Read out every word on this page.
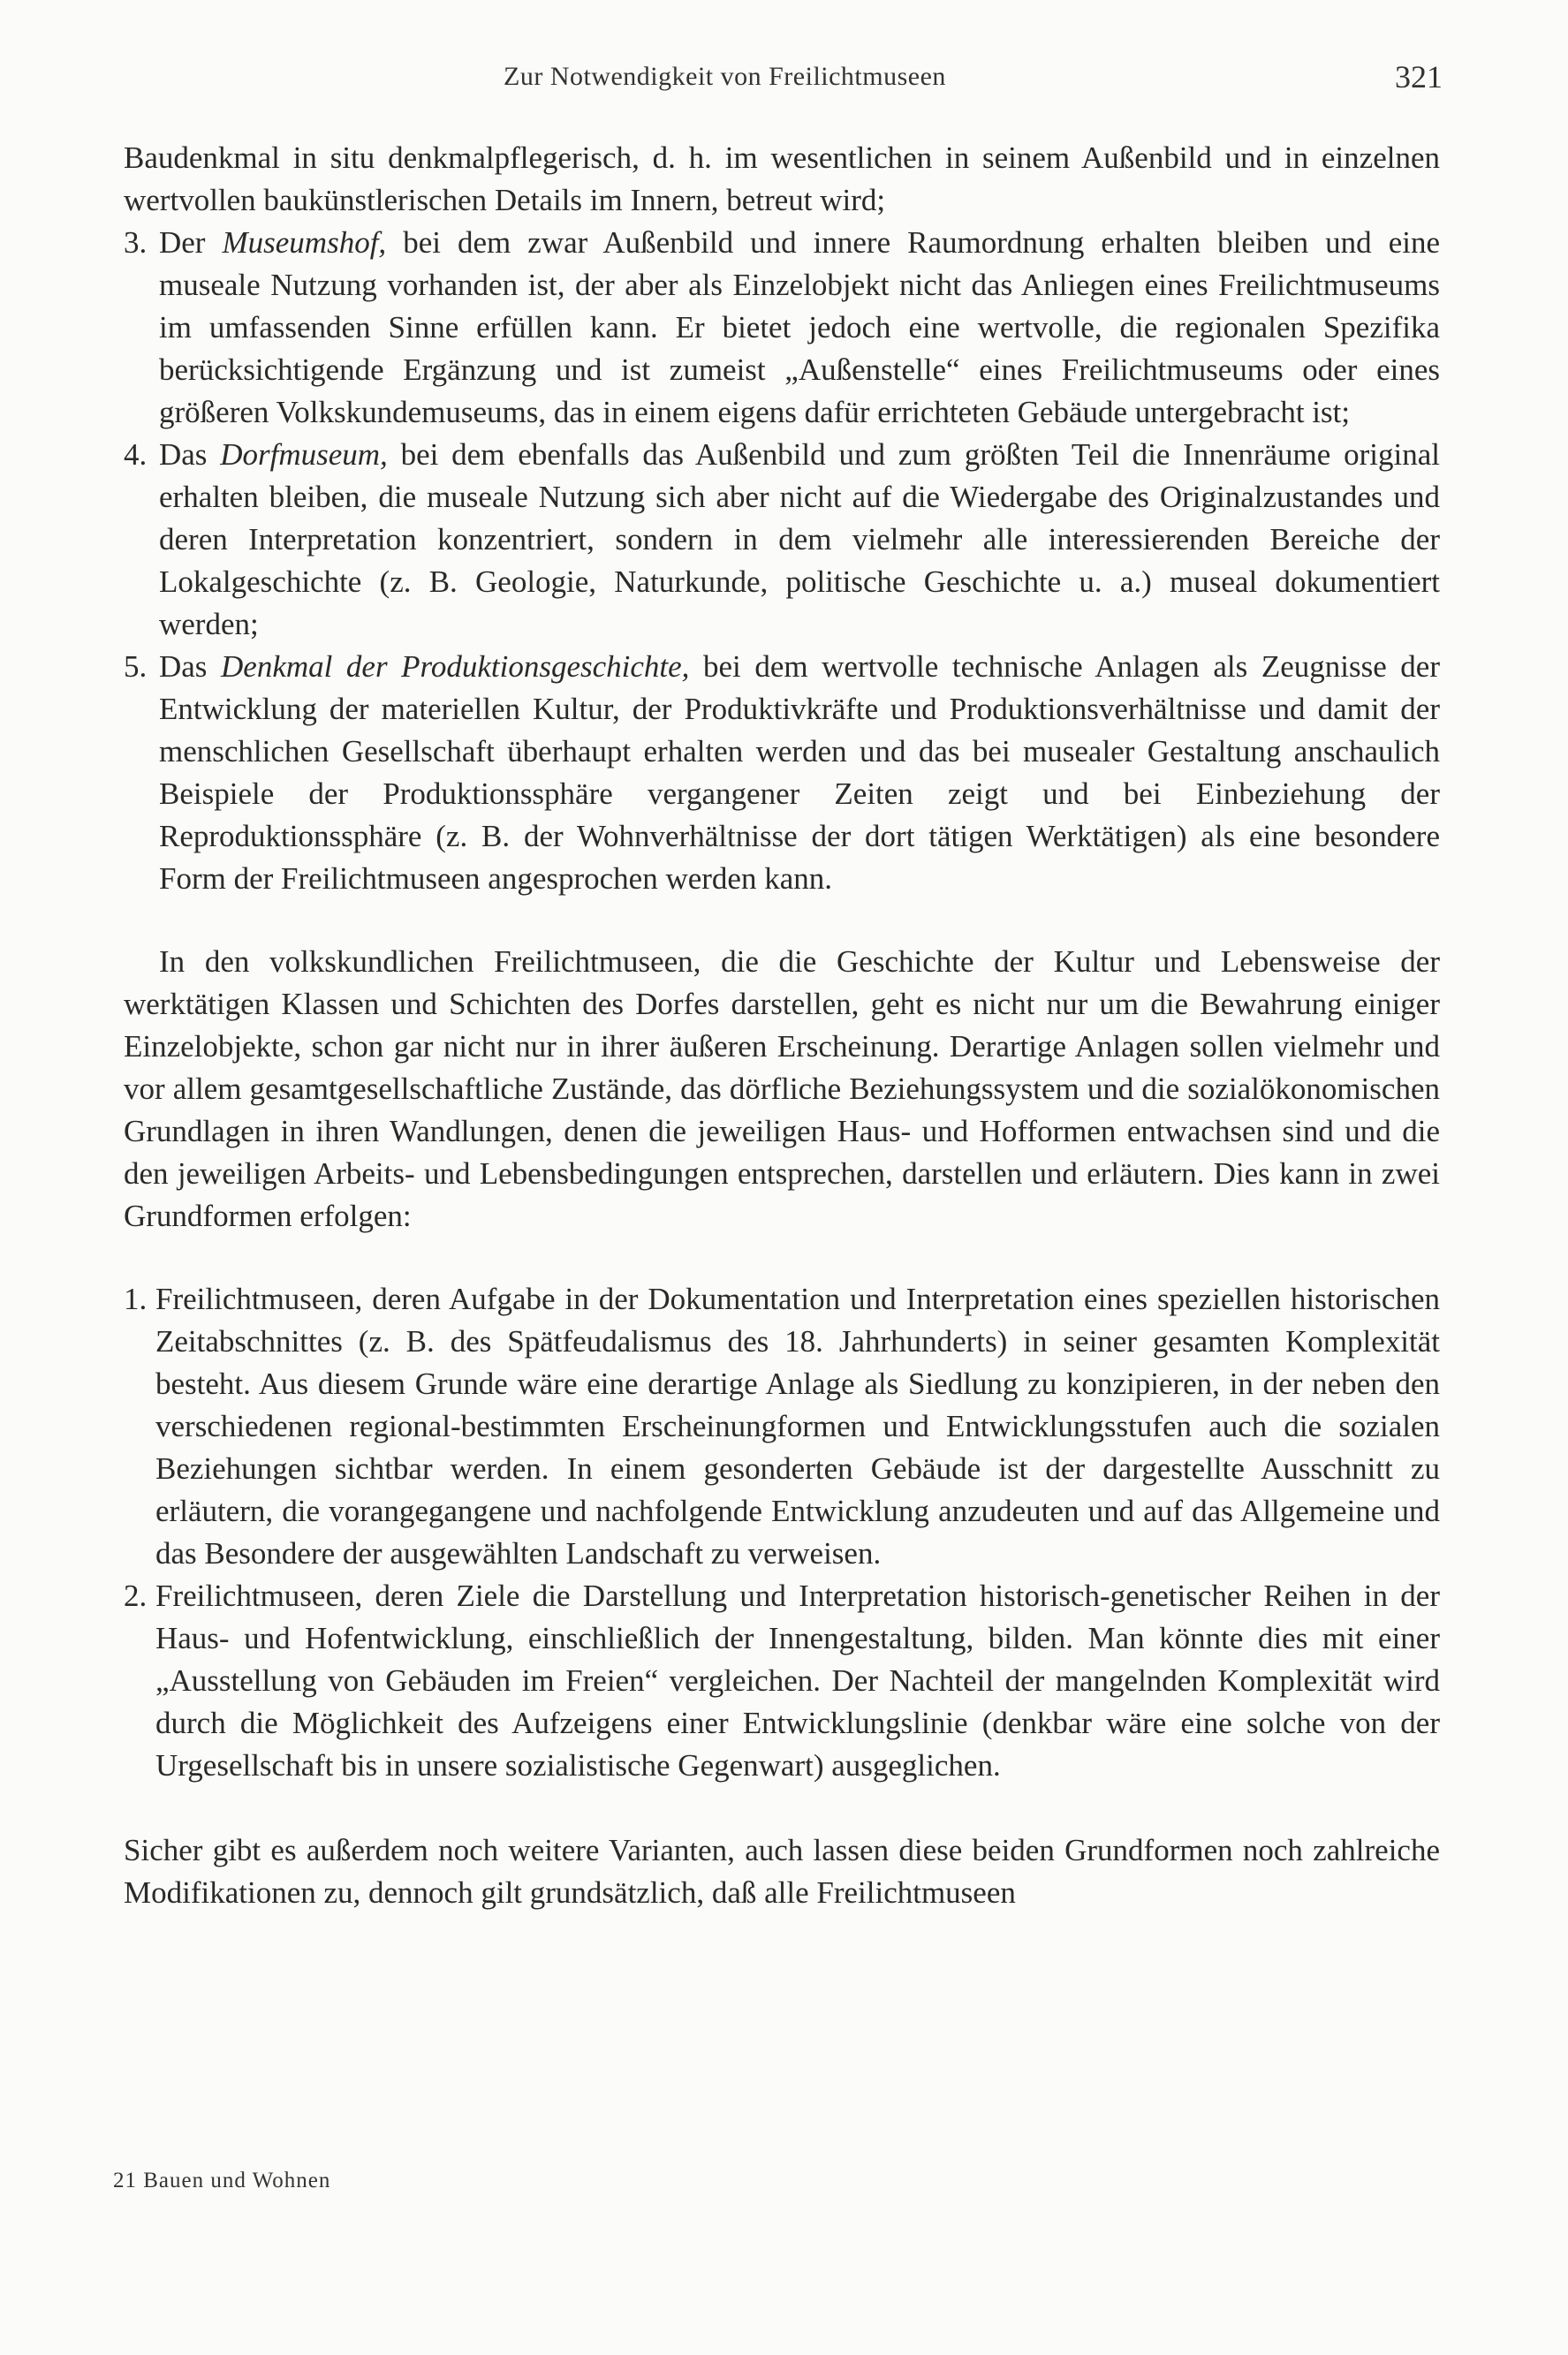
Zur Notwendigkeit von Freilichtmuseen	321

Baudenkmal in situ denkmalpflegerisch, d. h. im wesentlichen in seinem Außenbild und in einzelnen wertvollen baukünstlerischen Details im Innern, betreut wird;

3. Der Museumshof, bei dem zwar Außenbild und innere Raumordnung erhalten bleiben und eine museale Nutzung vorhanden ist, der aber als Einzelobjekt nicht das Anliegen eines Freilichtmuseums im umfassenden Sinne erfüllen kann. Er bietet jedoch eine wertvolle, die regionalen Spezifika berücksichtigende Ergänzung und ist zumeist „Außenstelle“ eines Freilichtmuseums oder eines größeren Volkskundemuseums, das in einem eigens dafür errichteten Gebäude untergebracht ist;
4. Das Dorfmuseum, bei dem ebenfalls das Außenbild und zum größten Teil die Innenräume original erhalten bleiben, die museale Nutzung sich aber nicht auf die Wiedergabe des Originalzustandes und deren Interpretation konzentriert, sondern in dem vielmehr alle interessierenden Bereiche der Lokalgeschichte (z. B. Geologie, Naturkunde, politische Geschichte u. a.) museal dokumentiert werden;
5. Das Denkmal der Produktionsgeschichte, bei dem wertvolle technische Anlagen als Zeugnisse der Entwicklung der materiellen Kultur, der Produktivkräfte und Produktionsverhältnisse und damit der menschlichen Gesellschaft überhaupt erhalten werden und das bei musealer Gestaltung anschaulich Beispiele der Produktionssphäre vergangener Zeiten zeigt und bei Einbeziehung der Reproduktionssphäre (z. B. der Wohnverhältnisse der dort tätigen Werktätigen) als eine besondere Form der Freilichtmuseen angesprochen werden kann.

In den volkskundlichen Freilichtmuseen, die die Geschichte der Kultur und Lebensweise der werktätigen Klassen und Schichten des Dorfes darstellen, geht es nicht nur um die Bewahrung einiger Einzelobjekte, schon gar nicht nur in ihrer äußeren Erscheinung. Derartige Anlagen sollen vielmehr und vor allem gesamtgesellschaftliche Zustände, das dörfliche Beziehungssystem und die sozialökonomischen Grundlagen in ihren Wandlungen, denen die jeweiligen Haus- und Hofformen entwachsen sind und die den jeweiligen Arbeits- und Lebensbedingungen entsprechen, darstellen und erläutern. Dies kann in zwei Grundformen erfolgen:

1. Freilichtmuseen, deren Aufgabe in der Dokumentation und Interpretation eines speziellen historischen Zeitabschnittes (z. B. des Spätfeudalismus des 18. Jahrhunderts) in seiner gesamten Komplexität besteht. Aus diesem Grunde wäre eine derartige Anlage als Siedlung zu konzipieren, in der neben den verschiedenen regional-bestimmten Erscheinungformen und Entwicklungsstufen auch die sozialen Beziehungen sichtbar werden. In einem gesonderten Gebäude ist der dargestellte Ausschnitt zu erläutern, die vorangegangene und nachfolgende Entwicklung anzudeuten und auf das Allgemeine und das Besondere der ausgewählten Landschaft zu verweisen.
2. Freilichtmuseen, deren Ziele die Darstellung und Interpretation historisch-genetischer Reihen in der Haus- und Hofentwicklung, einschließlich der Innengestaltung, bilden. Man könnte dies mit einer „Ausstellung von Gebäuden im Freien“ vergleichen. Der Nachteil der mangelnden Komplexität wird durch die Möglichkeit des Aufzeigens einer Entwicklungslinie (denkbar wäre eine solche von der Urgesellschaft bis in unsere sozialistische Gegenwart) ausgeglichen.

Sicher gibt es außerdem noch weitere Varianten, auch lassen diese beiden Grundformen noch zahlreiche Modifikationen zu, dennoch gilt grundsätzlich, daß alle Freilichtmuseen

21 Bauen und Wohnen
